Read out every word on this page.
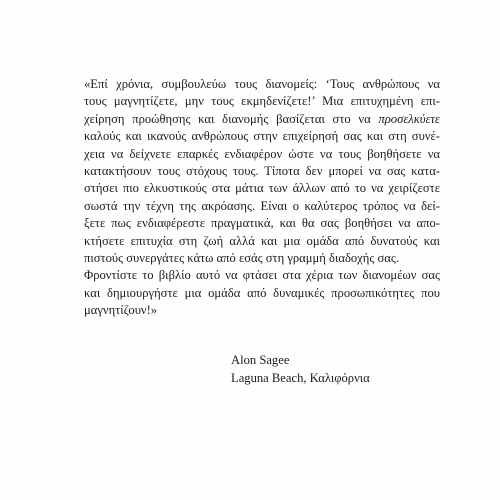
«Επί χρόνια, συμβουλεύω τους διανομείς: ‘Τους ανθρώπους να
τους μαγνητίζετε, μην τους εκμηδενίζετε!’ Μια επιτυχημένη επι-
χείρηση προώθησης και διανομής βασίζεται στο να προσελκύετε
καλούς και ικανούς ανθρώπους στην επιχείρησή σας και στη συνέ-
χεια να δείχνετε επαρκές ενδιαφέρον ώστε να τους βοηθήσετε να
κατακτήσουν τους στόχους τους. Τίποτα δεν μπορεί να σας κατα-
στήσει πιο ελκυστικούς στα μάτια των άλλων από το να χειρίζεστε
σωστά την τέχνη της ακρόασης. Είναι ο καλύτερος τρόπος να δεί-
ξετε πως ενδιαφέρεστε πραγματικά, και θα σας βοηθήσει να απο-
κτήσετε επιτυχία στη ζωή αλλά και μια ομάδα από δυνατούς και
πιστούς συνεργάτες κάτω από εσάς στη γραμμή διαδοχής σας.
Φροντίστε το βιβλίο αυτό να φτάσει στα χέρια των διανομέων σας
και δημιουργήστε μια ομάδα από δυναμικές προσωπικότητες που
μαγνητίζουν!»
Alon Sagee
Laguna Beach, Καλιφόρνια
